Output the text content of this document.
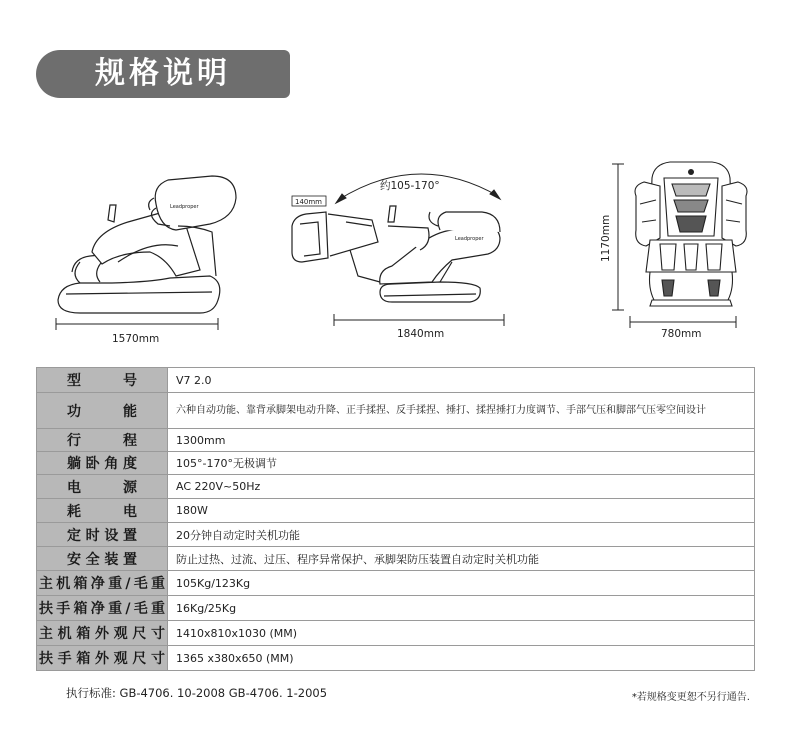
规格说明
Leadproper
1570mm
Leadproper
约105-170°
140mm
1840mm
1170mm
780mm
型号	V7 2.0

功能	六种自动功能、靠背承脚架电动升降、正手揉捏、反手揉捏、捶打、揉捏捶打力度调节、手部气压和脚部气压零空间设计

行程	1300mm

躺卧角度	105°-170°无极调节

电源	AC 220V~50Hz

耗电	180W

定时设置	20分钟自动定时关机功能

安全装置	防止过热、过流、过压、程序异常保护、承脚架防压装置自动定时关机功能

主机箱净重/毛重	105Kg/123Kg

扶手箱净重/毛重	16Kg/25Kg

主机箱外观尺寸	1410x810x1030 (MM)

扶手箱外观尺寸	1365 x380x650 (MM)
执行标准: GB-4706. 10-2008 GB-4706. 1-2005	*若规格变更恕不另行通告.
